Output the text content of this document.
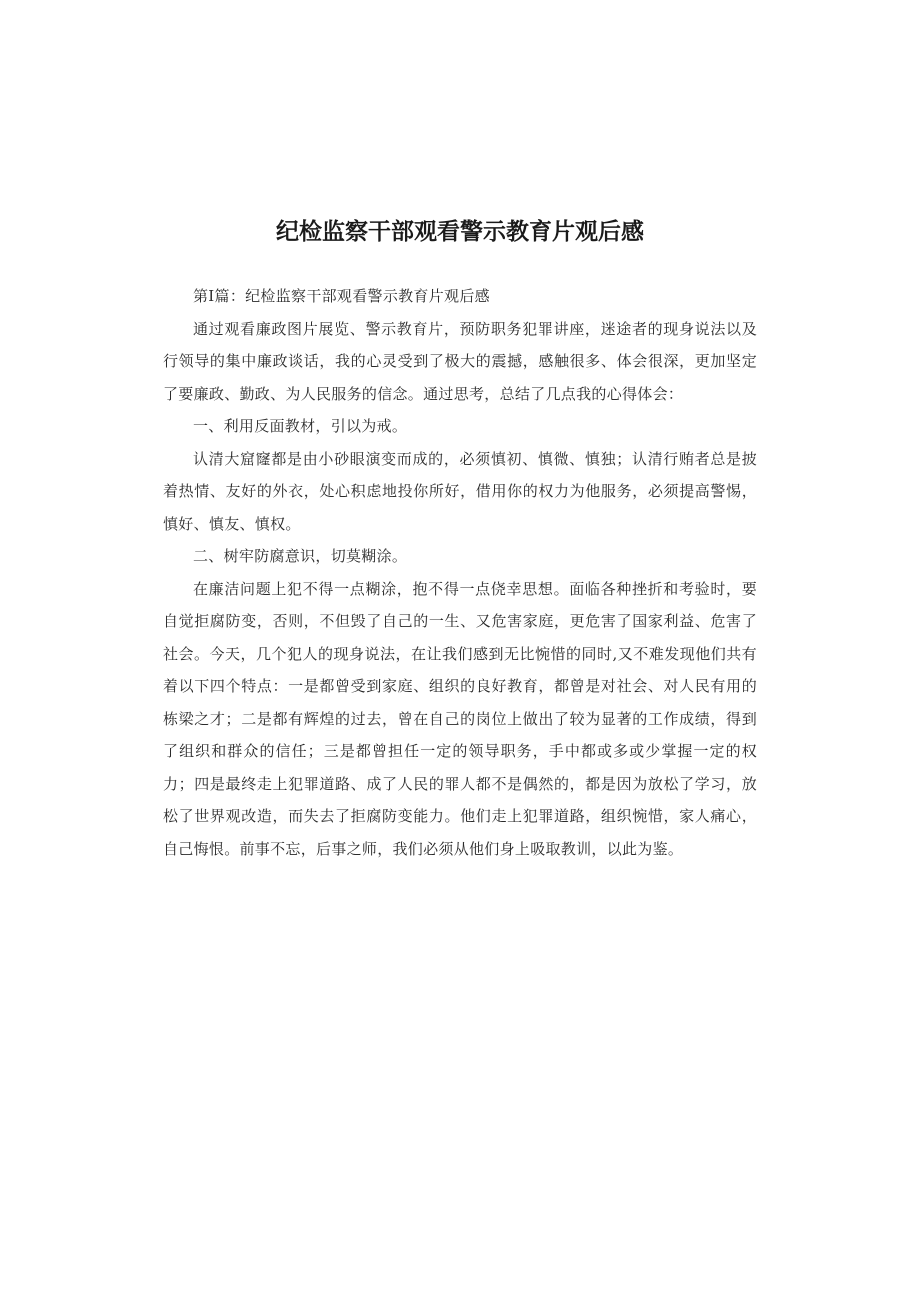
纪检监察干部观看警示教育片观后感

第I篇：纪检监察干部观看警示教育片观后感

通过观看廉政图片展览、警示教育片，预防职务犯罪讲座，迷途者的现身说法以及行领导的集中廉政谈话，我的心灵受到了极大的震撼，感触很多、体会很深，更加坚定了要廉政、勤政、为人民服务的信念。通过思考，总结了几点我的心得体会：

一、利用反面教材，引以为戒。

认清大窟窿都是由小砂眼演变而成的，必须慎初、慎微、慎独；认清行贿者总是披着热情、友好的外衣，处心积虑地投你所好，借用你的权力为他服务，必须提高警惕，慎好、慎友、慎权。

二、树牢防腐意识，切莫糊涂。

在廉洁问题上犯不得一点糊涂，抱不得一点侥幸思想。面临各种挫折和考验时，要自觉拒腐防变，否则，不但毁了自己的一生、又危害家庭，更危害了国家利益、危害了社会。今天，几个犯人的现身说法，在让我们感到无比惋惜的同时,又不难发现他们共有着以下四个特点：一是都曾受到家庭、组织的良好教育，都曾是对社会、对人民有用的栋梁之才；二是都有辉煌的过去，曾在自己的岗位上做出了较为显著的工作成绩，得到了组织和群众的信任；三是都曾担任一定的领导职务，手中都或多或少掌握一定的权力；四是最终走上犯罪道路、成了人民的罪人都不是偶然的，都是因为放松了学习，放松了世界观改造，而失去了拒腐防变能力。他们走上犯罪道路，组织惋惜，家人痛心，自己悔恨。前事不忘，后事之师，我们必须从他们身上吸取教训，以此为鉴。
